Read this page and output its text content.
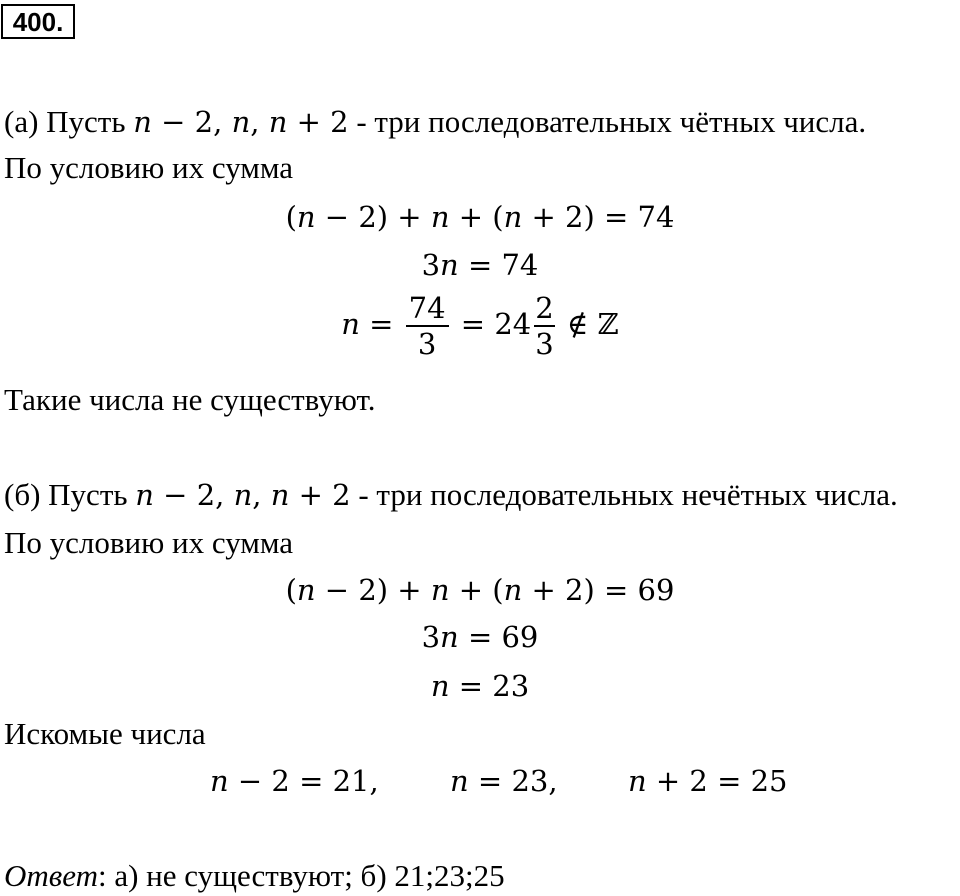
400.
(а) Пусть n − 2, n, n + 2 - три последовательных чётных числа.
По условию их сумма
(n − 2) + n + (n + 2) = 74
3n = 74
$n = \frac{74}{3} = 24 \frac{2}{3}$ ∉ ℤ
Такие числа не существуют.
(б) Пусть n − 2, n, n + 2 - три последовательных нечётных числа.
По условию их сумма
(n − 2) + n + (n + 2) = 69
3n = 69
n = 23
Искомые числа
n − 2 = 21, n = 23, n + 2 = 25
Ответ: а) не существуют; б) 21;23;25
